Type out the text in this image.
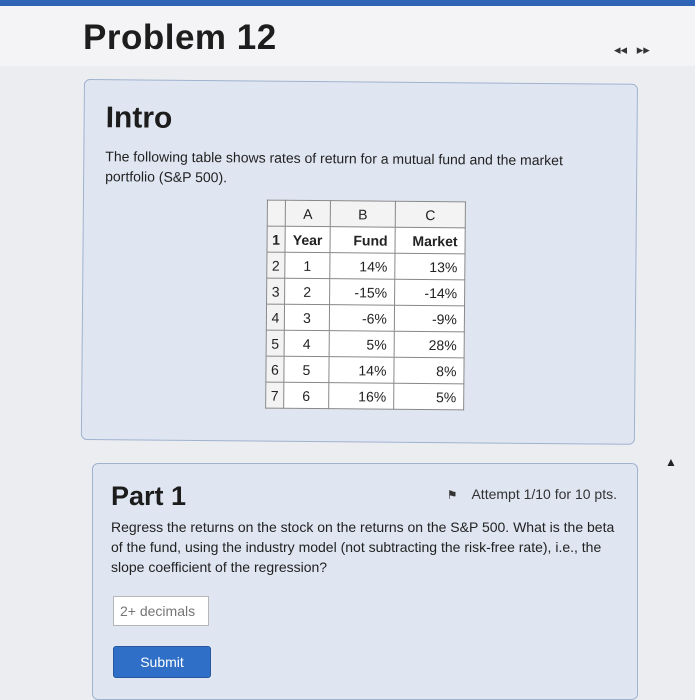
Problem 12	◂◂ ▸▸
Intro
The following table shows rates of return for a mutual fund and the market portfolio (S&P 500).
	A	B	C
1	Year	Fund	Market
2	1	14%	13%
3	2	-15%	-14%
4	3	-6%	-9%
5	4	5%	28%
6	5	14%	8%
7	6	16%	5%
Part 1	⚑ Attempt 1/10 for 10 pts.
Regress the returns on the stock on the returns on the S&P 500. What is the beta of the fund, using the industry model (not subtracting the risk-free rate), i.e., the slope coefficient of the regression?
2+ decimals
Submit
▲
